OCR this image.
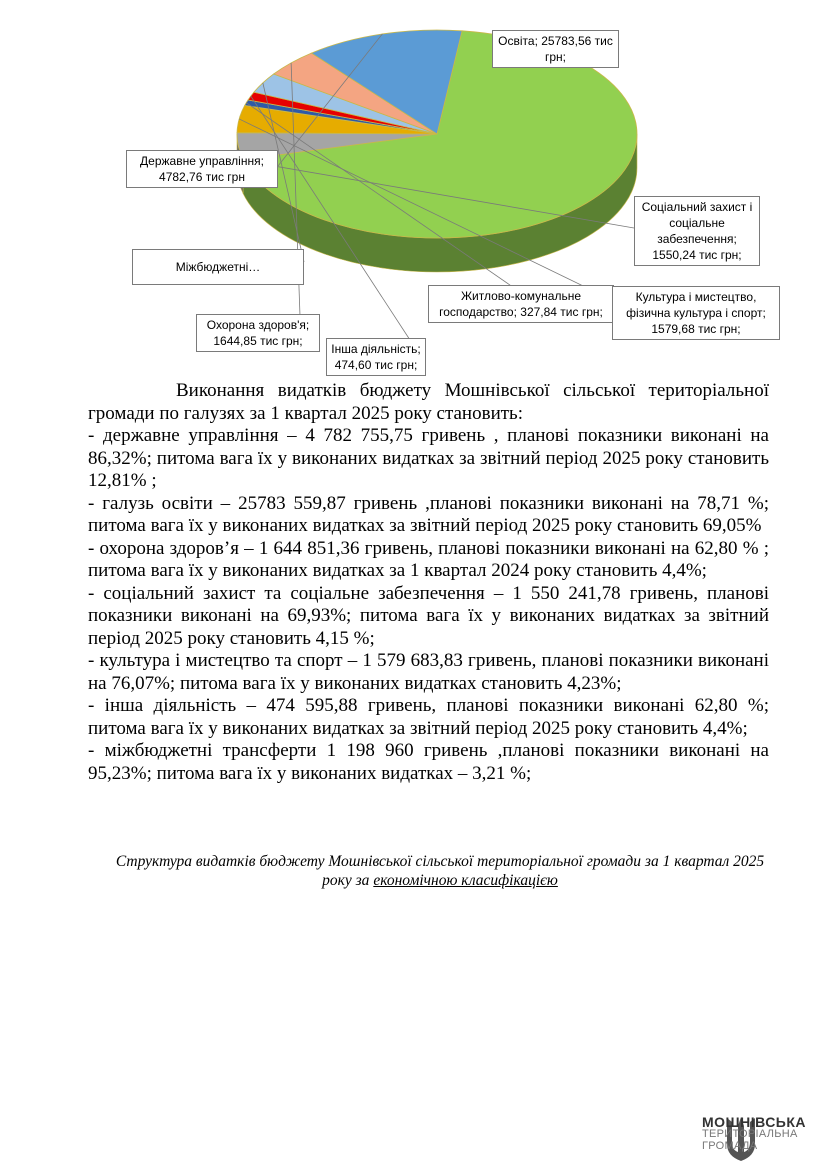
Освіта; 25783,56 тис
грн;
Державне управління;
4782,76 тис грн
Соціальний захист і
соціальне
забезпечення;
1550,24 тис грн;
Міжбюджетні…
Житлово-комунальне
господарство; 327,84 тис грн;
Культура і мистецтво,
фізична культура і спорт;
1579,68 тис грн;
Охорона здоров'я;
1644,85 тис грн;
Інша діяльність;
474,60 тис грн;

Виконання видатків бюджету Мошнівської сільської територіальної громади по галузях за 1 квартал 2025 року становить:

- державне управління – 4 782 755,75 гривень , планові показники виконані на 86,32%; питома вага їх у виконаних видатках за звітний період 2025 року становить 12,81% ;

- галузь освіти – 25783 559,87 гривень ,планові показники виконані на 78,71 %; питома вага їх у виконаних видатках за звітний період 2025 року становить 69,05%

- охорона здоров’я – 1 644 851,36 гривень, планові показники виконані на 62,80 % ; питома вага їх у виконаних видатках за 1 квартал 2024 року становить 4,4%;

- соціальний захист та соціальне забезпечення – 1 550 241,78 гривень, планові показники виконані на 69,93%; питома вага їх у виконаних видатках за звітний період 2025 року становить 4,15 %;

- культура і мистецтво та спорт – 1 579 683,83 гривень, планові показники виконані на 76,07%; питома вага їх у виконаних видатках становить 4,23%;

- інша діяльність – 474 595,88 гривень, планові показники виконані 62,80 %; питома вага їх у виконаних видатках за звітний період 2025 року становить 4,4%;

- міжбюджетні трансферти 1 198 960 гривень ,планові показники виконані на 95,23%; питома вага їх у виконаних видатках – 3,21 %;

Структура видатків бюджету Мошнівської сільської територіальної громади за 1 квартал 2025 року за економічною класифікацією
МОШНІВСЬКА
ТЕРИТОРІАЛЬНА
ГРОМАДА
